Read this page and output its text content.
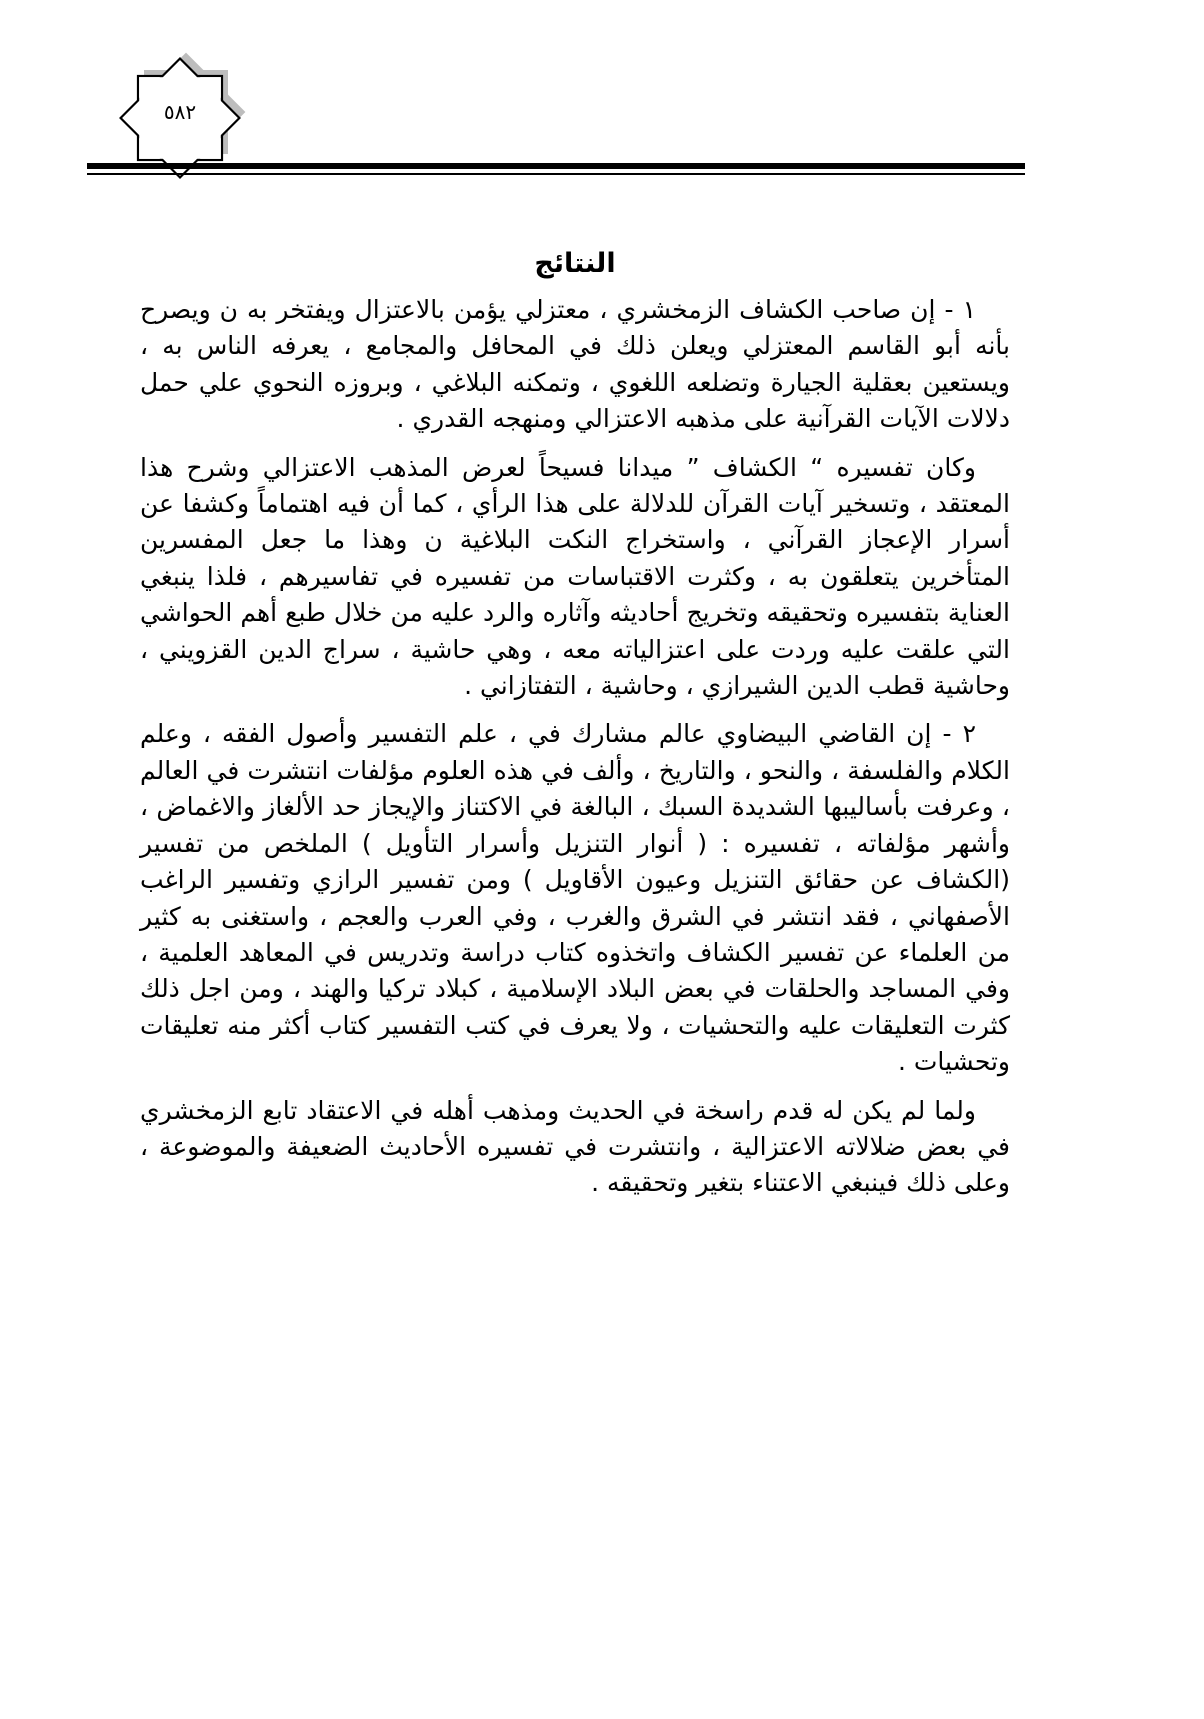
٥٨٢
النتائج

١ - إن صاحب الكشاف الزمخشري ، معتزلي يؤمن بالاعتزال ويفتخر به ن ويصرح بأنه أبو القاسم المعتزلي ويعلن ذلك في المحافل والمجامع ، يعرفه الناس به ، ويستعين بعقلية الجيارة وتضلعه اللغوي ، وتمكنه البلاغي ، وبروزه النحوي علي حمل دلالات الآيات القرآنية على مذهبه الاعتزالي ومنهجه القدري .

وكان تفسيره “ الكشاف ” ميدانا فسيحاً لعرض المذهب الاعتزالي وشرح هذا المعتقد ، وتسخير آيات القرآن للدلالة على هذا الرأي ، كما أن فيه اهتماماً وكشفا عن أسرار الإعجاز القرآني ، واستخراج النكت البلاغية ن وهذا ما جعل المفسرين المتأخرين يتعلقون به ، وكثرت الاقتباسات من تفسيره في تفاسيرهم ، فلذا ينبغي العناية بتفسيره وتحقيقه وتخريج أحاديثه وآثاره والرد عليه من خلال طبع أهم الحواشي التي علقت عليه وردت على اعتزالياته معه ، وهي حاشية ، سراج الدين القزويني ، وحاشية قطب الدين الشيرازي ، وحاشية ، التفتازاني .

٢ - إن القاضي البيضاوي عالم مشارك في ، علم التفسير وأصول الفقه ، وعلم الكلام والفلسفة ، والنحو ، والتاريخ ، وألف في هذه العلوم مؤلفات انتشرت في العالم ، وعرفت بأساليبها الشديدة السبك ، البالغة في الاكتناز والإيجاز حد الألغاز والاغماض ، وأشهر مؤلفاته ، تفسيره : ( أنوار التنزيل وأسرار التأويل ) الملخص من تفسير (الكشاف عن حقائق التنزيل وعيون الأقاويل ) ومن تفسير الرازي وتفسير الراغب الأصفهاني ، فقد انتشر في الشرق والغرب ، وفي العرب والعجم ، واستغنى به كثير من العلماء عن تفسير الكشاف واتخذوه كتاب دراسة وتدريس في المعاهد العلمية ، وفي المساجد والحلقات في بعض البلاد الإسلامية ، كبلاد تركيا والهند ، ومن اجل ذلك كثرت التعليقات عليه والتحشيات ، ولا يعرف في كتب التفسير كتاب أكثر منه تعليقات وتحشيات .

ولما لم يكن له قدم راسخة في الحديث ومذهب أهله في الاعتقاد تابع الزمخشري في بعض ضلالاته الاعتزالية ، وانتشرت في تفسيره الأحاديث الضعيفة والموضوعة ، وعلى ذلك فينبغي الاعتناء بتغير وتحقيقه .
